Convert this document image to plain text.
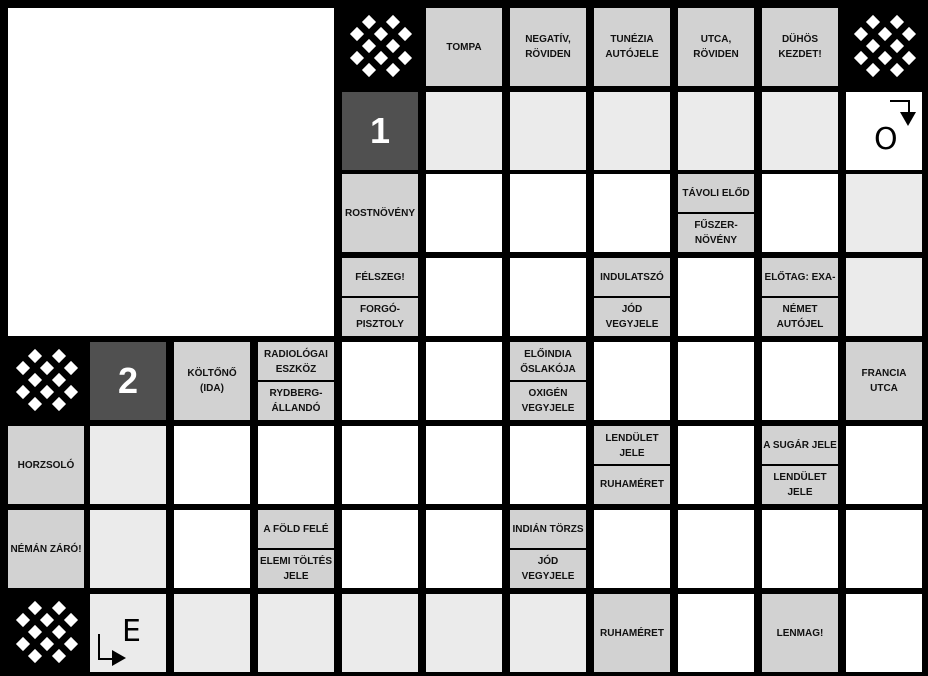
TOMPA
NEGATÍV,
RÖVIDEN
TUNÉZIA
AUTÓJELE
UTCA,
RÖVIDEN
DÜHÖS
KEZDET!
1	O
ROSTNÖVÉNY
TÁVOLI ELŐD
FŰSZER-
NÖVÉNY
FÉLSZEG!
FORGÓ-
PISZTOLY
INDULATSZÓ
JÓD VEGYJELE
ELŐTAG: EXA-
NÉMET
AUTÓJEL
2	KÖLTŐNŐ
(IDA)
RADIOLÓGAI
ESZKÖZ
RYDBERG-
ÁLLANDÓ
ELŐINDIA
ŐSLAKÓJA
OXIGÉN
VEGYJELE
FRANCIA UTCA
HORZSOLÓ
LENDÜLET JELE
RUHAMÉRET
A SUGÁR JELE
LENDÜLET JELE
NÉMÁN ZÁRÓ!
A FÖLD FELÉ
ELEMI TÖLTÉS
JELE
INDIÁN TÖRZS
JÓD VEGYJELE
E	RUHAMÉRET	LENMAG!
